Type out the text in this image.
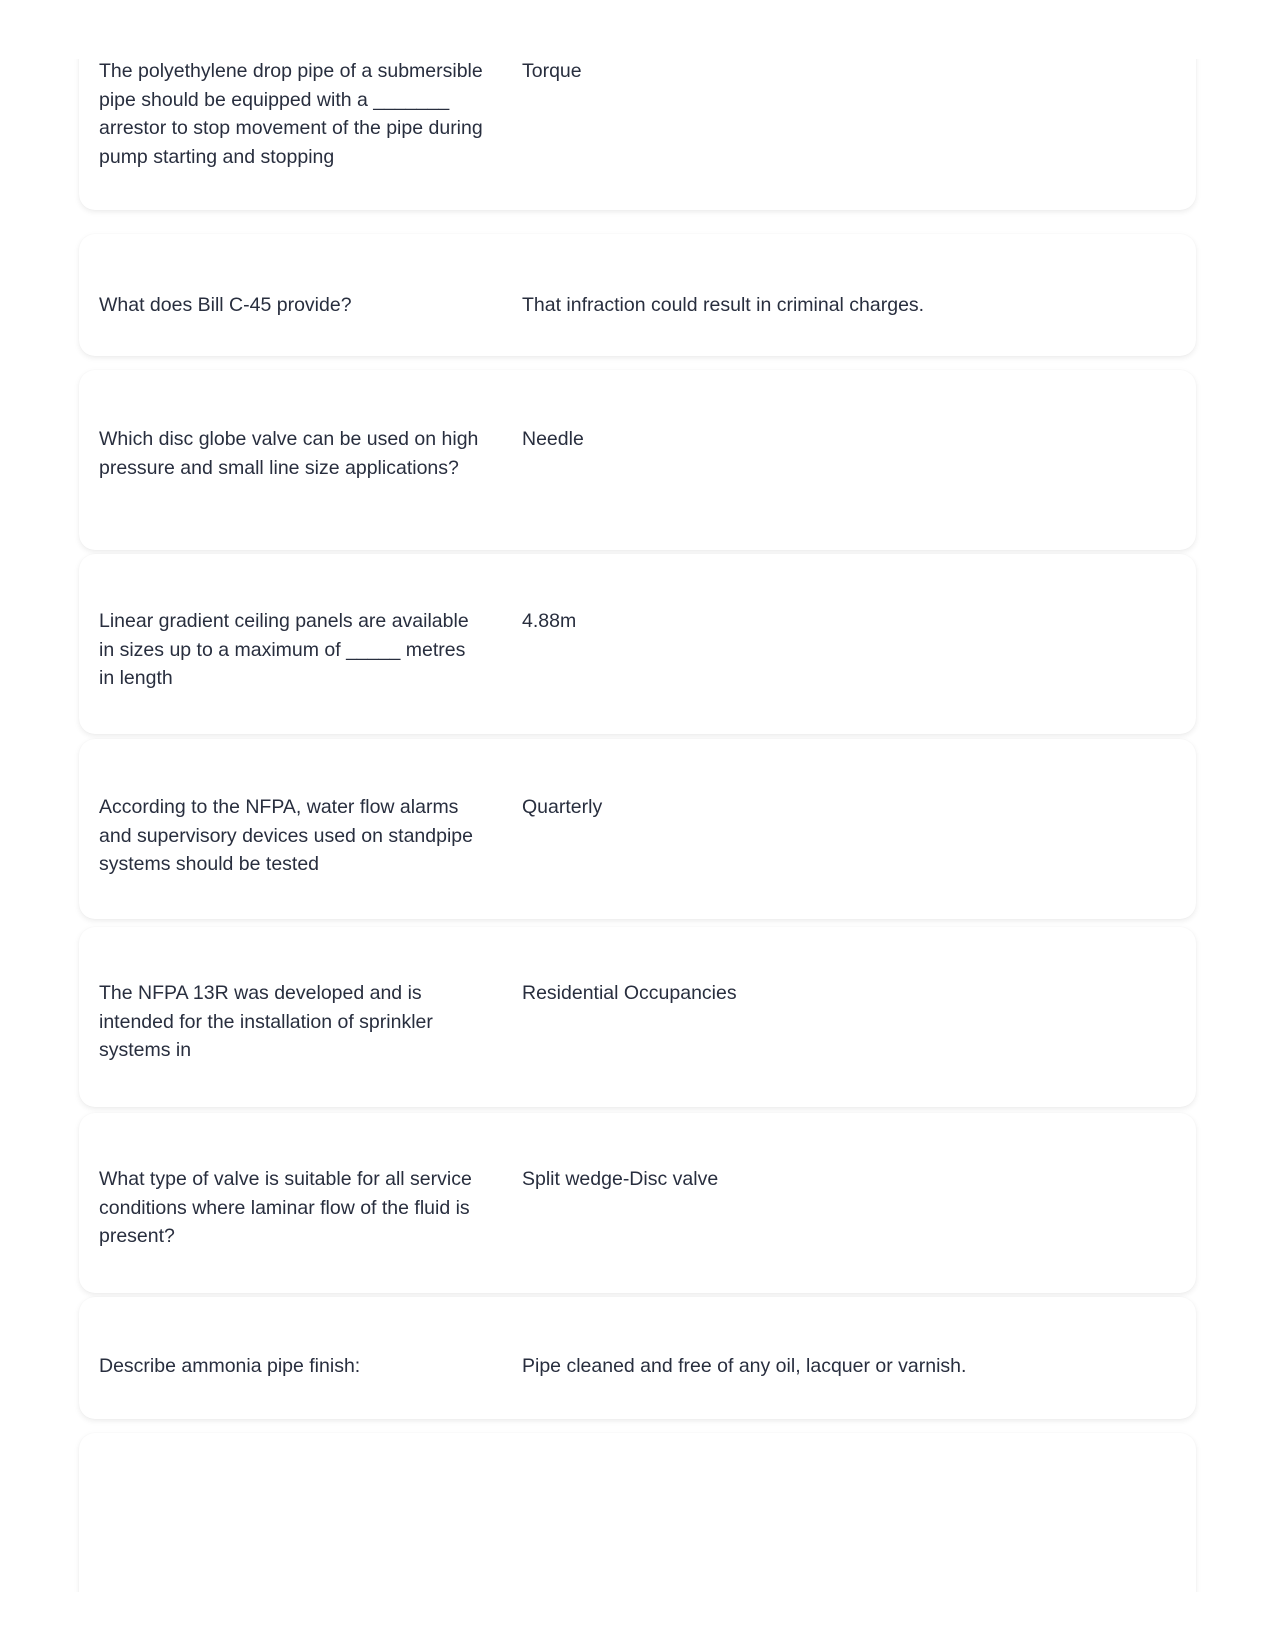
The polyethylene drop pipe of a submersible pipe should be equipped with a _______ arrestor to stop movement of the pipe during pump starting and stopping
Torque
What does Bill C-45 provide?	That infraction could result in criminal charges.
Which disc globe valve can be used on high pressure and small line size applications?
Needle
Linear gradient ceiling panels are available in sizes up to a maximum of _____ metres in length
4.88m
According to the NFPA, water flow alarms and supervisory devices used on standpipe systems should be tested
Quarterly
The NFPA 13R was developed and is intended for the installation of sprinkler systems in
Residential Occupancies
What type of valve is suitable for all service conditions where laminar flow of the fluid is present?
Split wedge-Disc valve
Describe ammonia pipe finish:	Pipe cleaned and free of any oil, lacquer or varnish.
